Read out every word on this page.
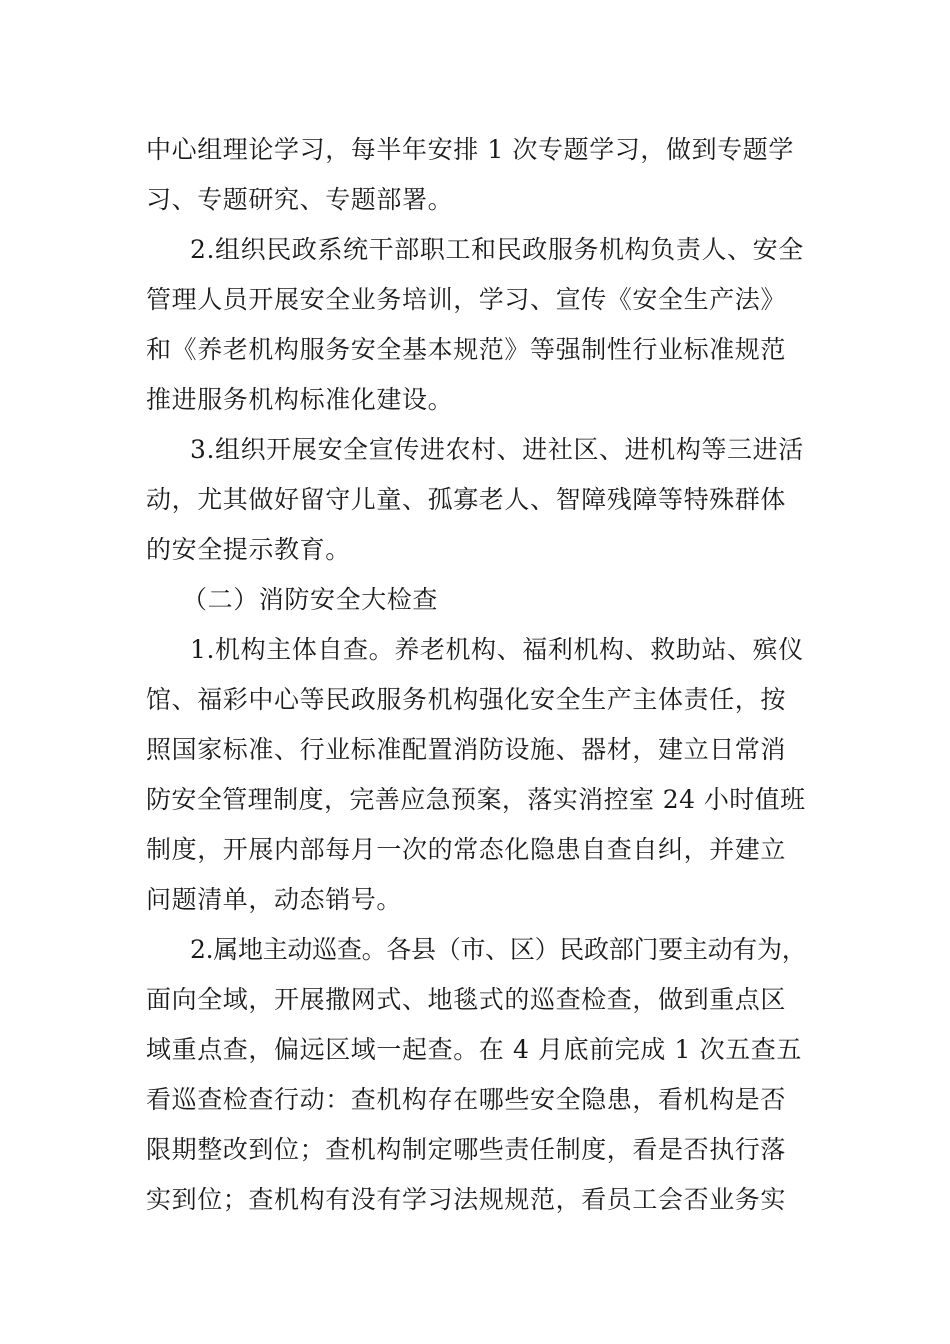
中心组理论学习，每半年安排 1 次专题学习，做到专题学
习、专题研究、专题部署。
2.组织民政系统干部职工和民政服务机构负责人、安全
管理人员开展安全业务培训，学习、宣传《安全生产法》
和《养老机构服务安全基本规范》等强制性行业标准规范
推进服务机构标准化建设。
3.组织开展安全宣传进农村、进社区、进机构等三进活
动，尤其做好留守儿童、孤寡老人、智障残障等特殊群体
的安全提示教育。
（二）消防安全大检查
1.机构主体自查。养老机构、福利机构、救助站、殡仪
馆、福彩中心等民政服务机构强化安全生产主体责任，按
照国家标准、行业标准配置消防设施、器材，建立日常消
防安全管理制度，完善应急预案，落实消控室 24 小时值班
制度，开展内部每月一次的常态化隐患自查自纠，并建立
问题清单，动态销号。
2.属地主动巡查。各县（市、区）民政部门要主动有为，
面向全域，开展撒网式、地毯式的巡查检查，做到重点区
域重点查，偏远区域一起查。在 4 月底前完成 1 次五查五
看巡查检查行动：查机构存在哪些安全隐患，看机构是否
限期整改到位；查机构制定哪些责任制度，看是否执行落
实到位；查机构有没有学习法规规范，看员工会否业务实
